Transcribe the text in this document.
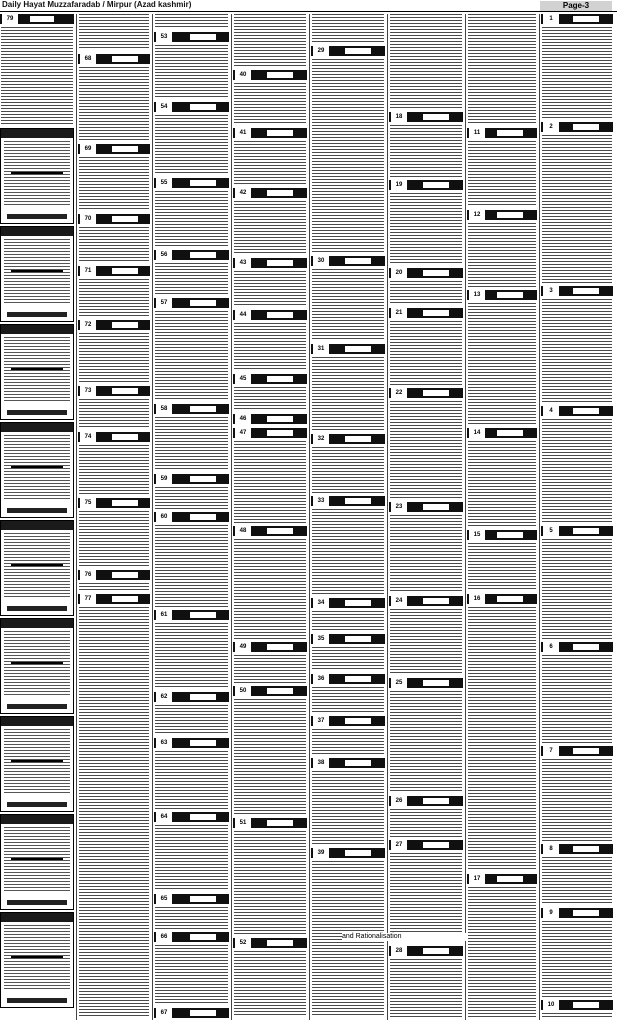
Daily Hayat Muzzafaradab / Mirpur (Azad kashmir)	Page-3
79
68
69
70
71
72
73
74
75
76
77
53
54
55
56
57
58
59
60
61
62
63
64
65
66
67
40
41
42
43
44
45
46
47
48
49
50
51
52
29
30
31
32
33
34
35
36
37
38
39
18
19
20
21
22
23
24
25
26
27
28
11
12
13
14
15
16
17
1
2
3
4
5
6
7
8
9
10
and Rationalisation
